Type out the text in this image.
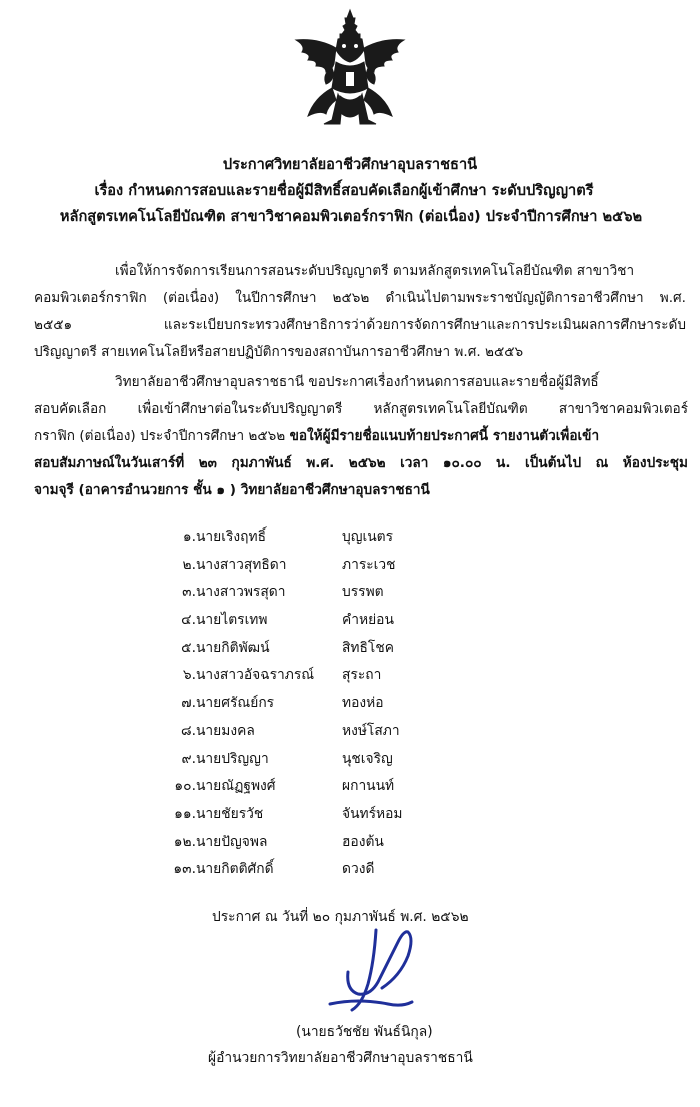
ประกาศวิทยาลัยอาชีวศึกษาอุบลราชธานี
เรื่อง กำหนดการสอบและรายชื่อผู้มีสิทธิ์สอบคัดเลือกผู้เข้าศึกษา ระดับปริญญาตรี
หลักสูตรเทคโนโลยีบัณฑิต สาขาวิชาคอมพิวเตอร์กราฟิก (ต่อเนื่อง) ประจำปีการศึกษา ๒๕๖๒
เพื่อให้การจัดการเรียนการสอนระดับปริญญาตรี ตามหลักสูตรเทคโนโลยีบัณฑิต สาขาวิชา
คอมพิวเตอร์กราฟิก (ต่อเนื่อง) ในปีการศึกษา ๒๕๖๒ ดำเนินไปตามพระราชบัญญัติการอาชีวศึกษา พ.ศ.
๒๕๕๑ และระเบียบกระทรวงศึกษาธิการว่าด้วยการจัดการศึกษาและการประเมินผลการศึกษาระดับ
ปริญญาตรี สายเทคโนโลยีหรือสายปฏิบัติการของสถาบันการอาชีวศึกษา พ.ศ. ๒๕๕๖
วิทยาลัยอาชีวศึกษาอุบลราชธานี ขอประกาศเรื่องกำหนดการสอบและรายชื่อผู้มีสิทธิ์
สอบคัดเลือก เพื่อเข้าศึกษาต่อในระดับปริญญาตรี หลักสูตรเทคโนโลยีบัณฑิต สาขาวิชาคอมพิวเตอร์
กราฟิก (ต่อเนื่อง) ประจำปีการศึกษา ๒๕๖๒ ขอให้ผู้มีรายชื่อแนบท้ายประกาศนี้ รายงานตัวเพื่อเข้า
สอบสัมภาษณ์ในวันเสาร์ที่ ๒๓ กุมภาพันธ์ พ.ศ. ๒๕๖๒ เวลา ๑๐.๐๐ น. เป็นต้นไป ณ ห้องประชุม
จามจุรี (อาคารอำนวยการ ชั้น ๑ ) วิทยาลัยอาชีวศึกษาอุบลราชธานี
๑. นายเริงฤทธิ์	บุญเนตร
๒. นางสาวสุทธิดา	ภาระเวช
๓. นางสาวพรสุดา	บรรพต
๔. นายไตรเทพ	คำหย่อน
๕. นายกิติพัฒน์	สิทธิโชค
๖. นางสาวอัจฉราภรณ์ สุระถา
๗. นายศรัณย์กร	ทองห่อ
๘. นายมงคล	หงษ์โสภา
๙. นายปริญญา	นุชเจริญ
๑๐. นายณัฏฐพงศ์	ผกานนท์
๑๑. นายชัยรวัช	จันทร์หอม
๑๒. นายปัญจพล	ฮองต้น
๑๓. นายกิตติศักดิ์	ดวงดี
ประกาศ ณ วันที่ ๒๐ กุมภาพันธ์ พ.ศ. ๒๕๖๒
(นายธวัชชัย พันธ์นิกุล)
ผู้อำนวยการวิทยาลัยอาชีวศึกษาอุบลราชธานี
